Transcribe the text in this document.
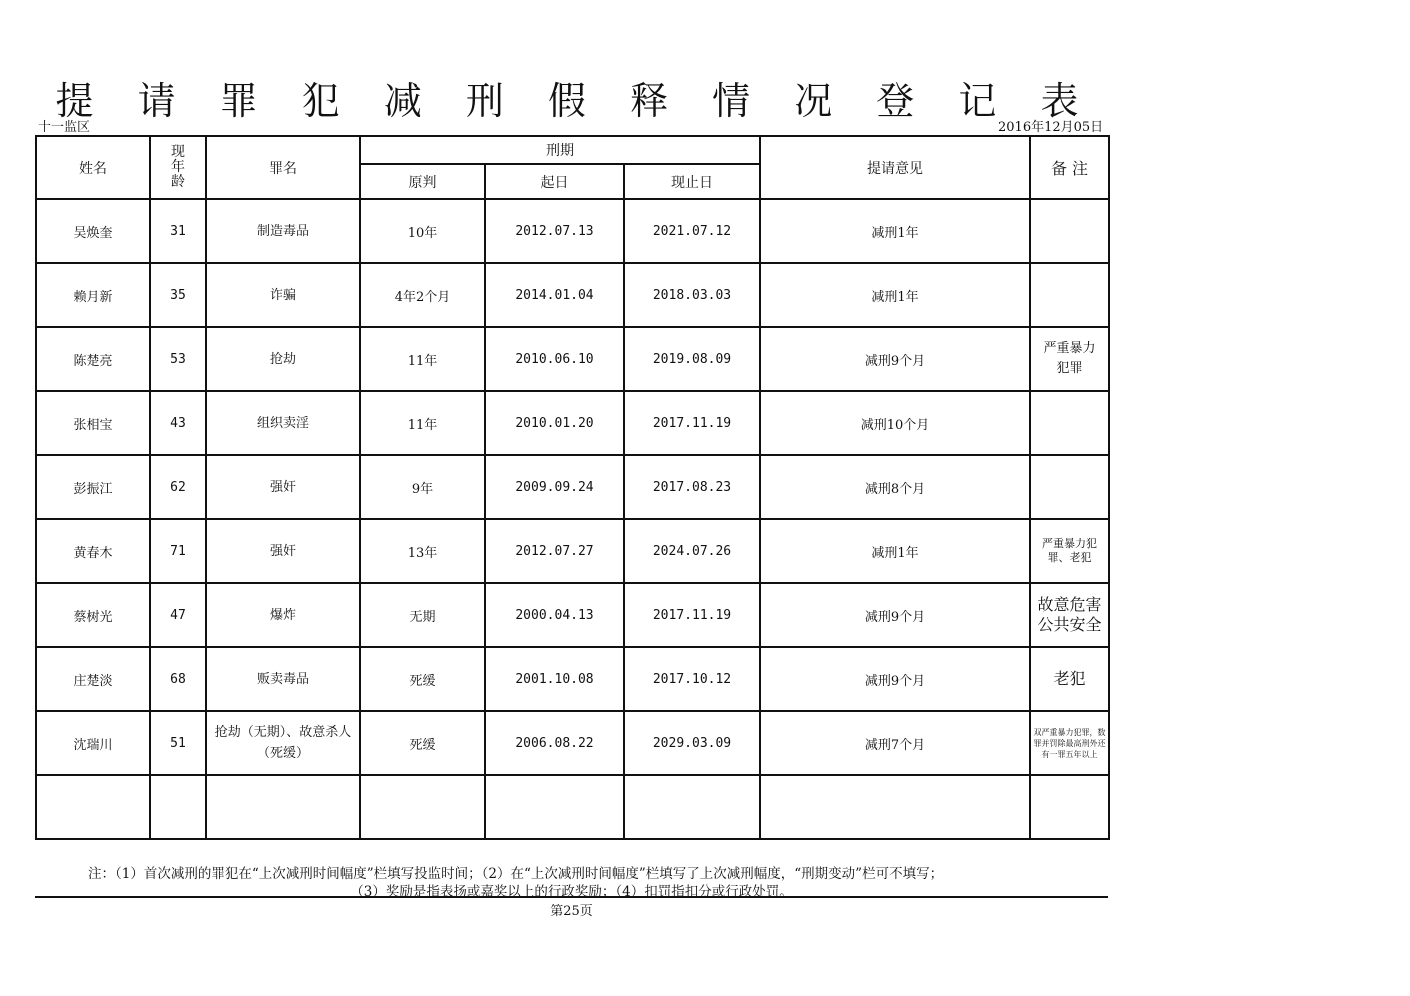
提 请 罪 犯 减 刑 假 释 情 况 登 记 表
十一监区	2016年12月05日
姓名	现年龄	罪名	刑期			提请意见	备 注
			原判	起日	现止日		
吴焕奎	31	制造毒品	10年	2012.07.13	2021.07.12	减刑1年	
赖月新	35	诈骗	4年2个月	2014.01.04	2018.03.03	减刑1年	
陈楚亮	53	抢劫	11年	2010.06.10	2019.08.09	减刑9个月	严重暴力犯罪

张相宝	43	组织卖淫	11年	2010.01.20	2017.11.19	减刑10个月	
彭振江	62	强奸	9年	2009.09.24	2017.08.23	减刑8个月	
黄春木	71	强奸	13年	2012.07.27	2024.07.26	减刑1年	严重暴力犯罪、老犯

蔡树光	47	爆炸	无期	2000.04.13	2017.11.19	减刑9个月	故意危害公共安全

庄楚淡	68	贩卖毒品	死缓	2001.10.08	2017.10.12	减刑9个月	老犯
沈瑞川	51	抢劫（无期）、故意杀人（死缓）	死缓	2006.08.22	2029.03.09	减刑7个月	双严重暴力犯罪，数罪并罚除最高刑外还有一罪五年以上

注：（1）首次减刑的罪犯在“上次减刑时间幅度”栏填写投监时间；（2）在“上次减刑时间幅度”栏填写了上次减刑幅度，“刑期变动”栏可不填写；
（3）奖励是指表扬或嘉奖以上的行政奖励；（4）扣罚指扣分或行政处罚。
第25页
